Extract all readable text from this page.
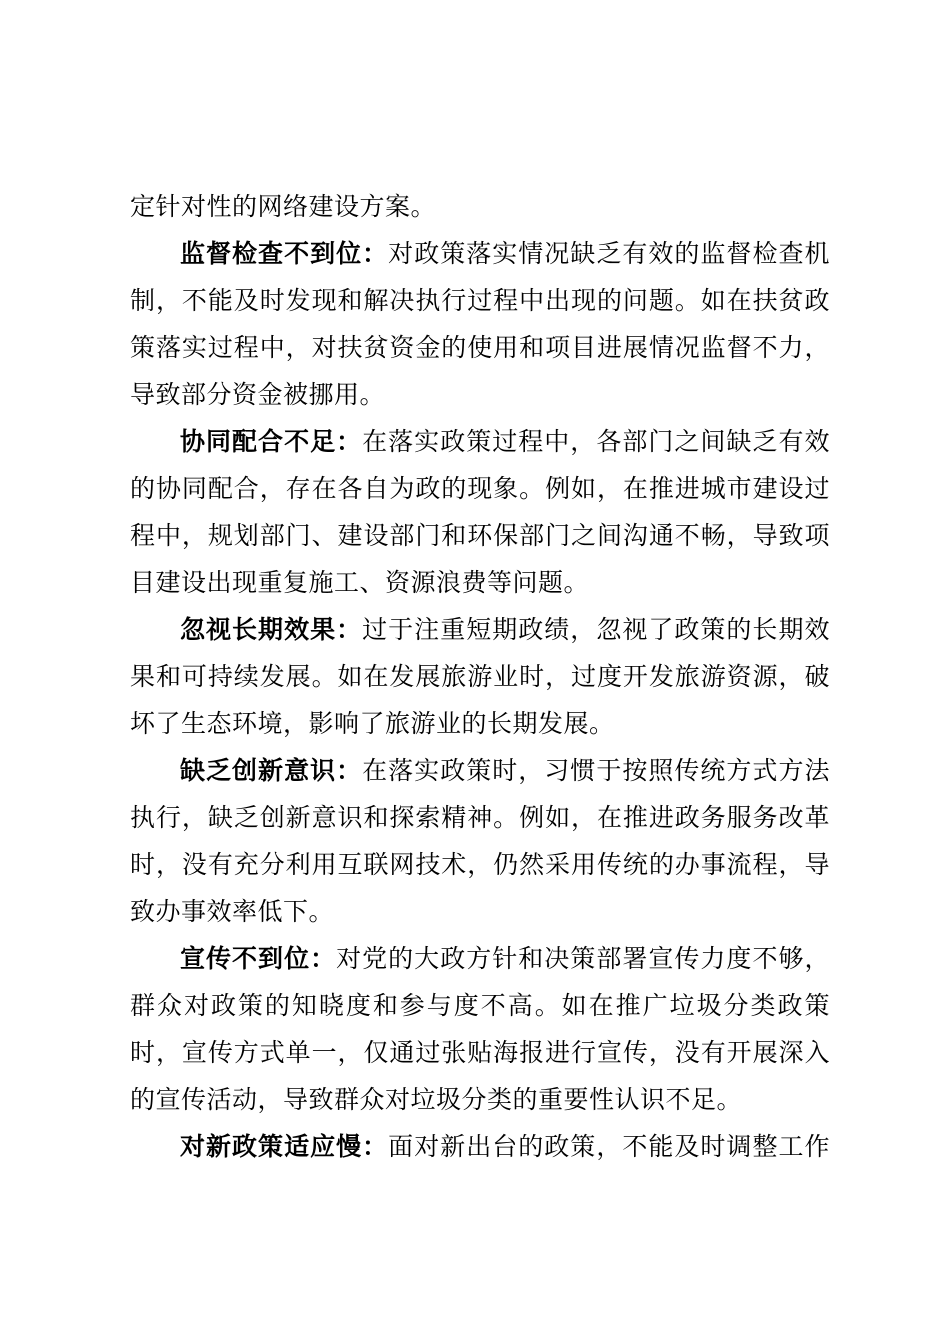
定针对性的网络建设方案。
监督检查不到位：对政策落实情况缺乏有效的监督检查机
制，不能及时发现和解决执行过程中出现的问题。如在扶贫政
策落实过程中，对扶贫资金的使用和项目进展情况监督不力，
导致部分资金被挪用。
协同配合不足：在落实政策过程中，各部门之间缺乏有效
的协同配合，存在各自为政的现象。例如，在推进城市建设过
程中，规划部门、建设部门和环保部门之间沟通不畅，导致项
目建设出现重复施工、资源浪费等问题。
忽视长期效果：过于注重短期政绩，忽视了政策的长期效
果和可持续发展。如在发展旅游业时，过度开发旅游资源，破
坏了生态环境，影响了旅游业的长期发展。
缺乏创新意识：在落实政策时，习惯于按照传统方式方法
执行，缺乏创新意识和探索精神。例如，在推进政务服务改革
时，没有充分利用互联网技术，仍然采用传统的办事流程，导
致办事效率低下。
宣传不到位：对党的大政方针和决策部署宣传力度不够，
群众对政策的知晓度和参与度不高。如在推广垃圾分类政策
时，宣传方式单一，仅通过张贴海报进行宣传，没有开展深入
的宣传活动，导致群众对垃圾分类的重要性认识不足。
对新政策适应慢：面对新出台的政策，不能及时调整工作
